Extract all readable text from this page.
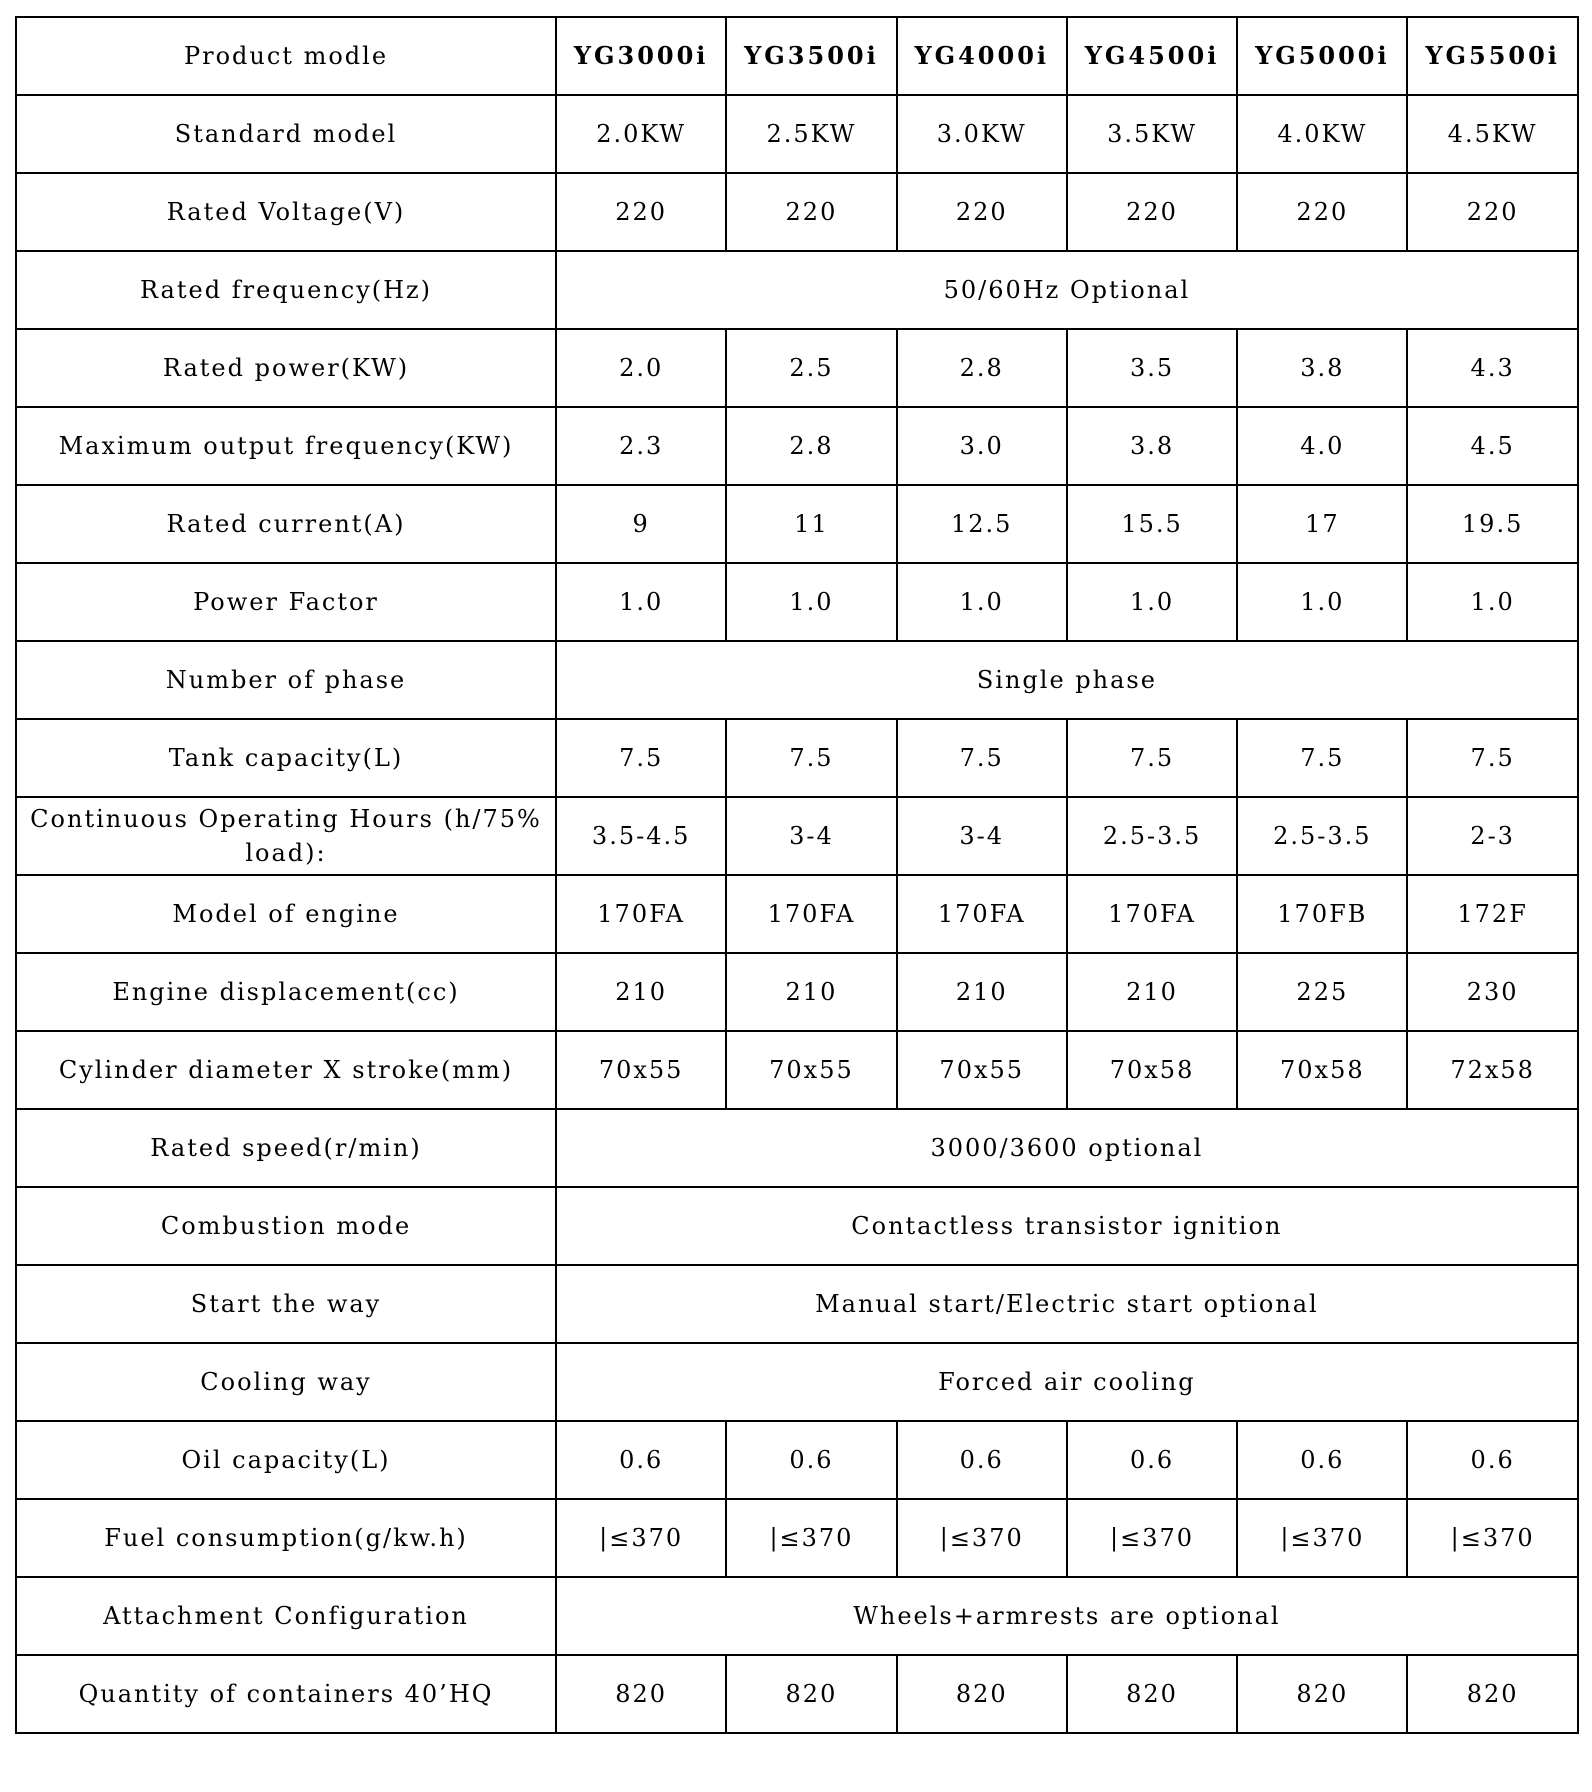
Product modle	YG3000i	YG3500i	YG4000i	YG4500i	YG5000i	YG5500i
Standard model	2.0KW	2.5KW	3.0KW	3.5KW	4.0KW	4.5KW
Rated Voltage(V)	220	220	220	220	220	220
Rated frequency(Hz)	50/60Hz Optional					
Rated power(KW)	2.0	2.5	2.8	3.5	3.8	4.3
Maximum output frequency(KW)	2.3	2.8	3.0	3.8	4.0	4.5
Rated current(A)	9	11	12.5	15.5	17	19.5
Power Factor	1.0	1.0	1.0	1.0	1.0	1.0
Number of phase	Single phase					
Tank capacity(L)	7.5	7.5	7.5	7.5	7.5	7.5
Continuous Operating Hours (h/75% load):	3.5-4.5	3-4	3-4	2.5-3.5	2.5-3.5	2-3
Model of engine	170FA	170FA	170FA	170FA	170FB	172F
Engine displacement(cc)	210	210	210	210	225	230
Cylinder diameter X stroke(mm)	70x55	70x55	70x55	70x58	70x58	72x58
Rated speed(r/min)	3000/3600 optional					
Combustion mode	Contactless transistor ignition					
Start the way	Manual start/Electric start optional					
Cooling way	Forced air cooling					
Oil capacity(L)	0.6	0.6	0.6	0.6	0.6	0.6
Fuel consumption(g/kw.h)	|≤370	|≤370	|≤370	|≤370	|≤370	|≤370
Attachment Configuration	Wheels+armrests are optional					
Quantity of containers 40’HQ	820	820	820	820	820	820
